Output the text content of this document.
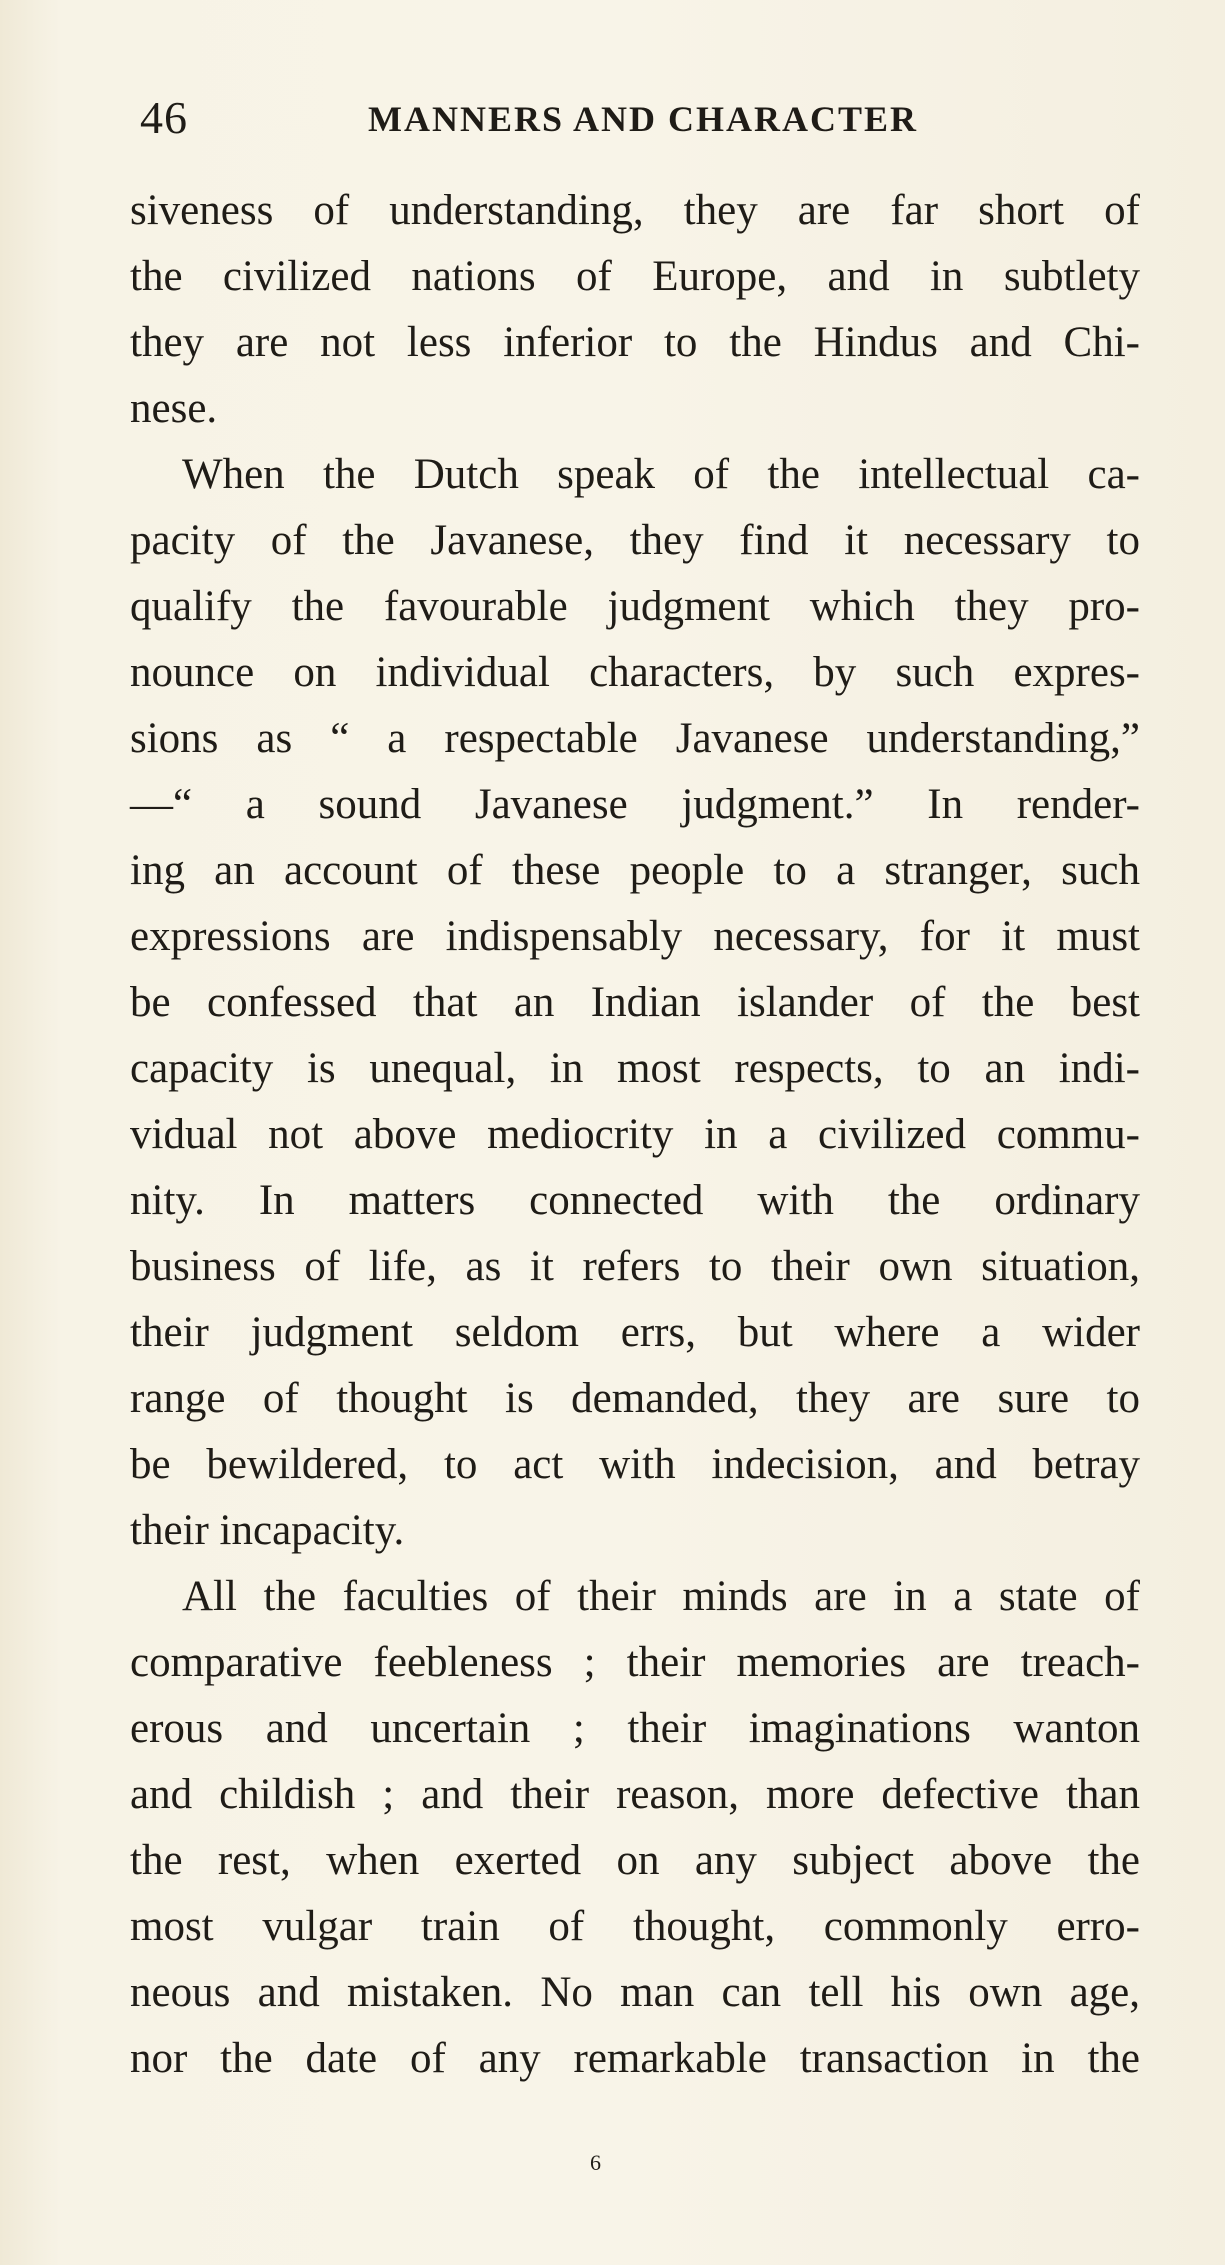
46	MANNERS AND CHARACTER
siveness of understanding, they are far short of
the civilized nations of Europe, and in subtlety
they are not less inferior to the Hindus and Chi-
nese.
When the Dutch speak of the intellectual ca-
pacity of the Javanese, they find it necessary to
qualify the favourable judgment which they pro-
nounce on individual characters, by such expres-
sions as “ a respectable Javanese understanding,”
—“ a sound Javanese judgment.” In render-
ing an account of these people to a stranger, such
expressions are indispensably necessary, for it must
be confessed that an Indian islander of the best
capacity is unequal, in most respects, to an indi-
vidual not above mediocrity in a civilized commu-
nity. In matters connected with the ordinary
business of life, as it refers to their own situation,
their judgment seldom errs, but where a wider
range of thought is demanded, they are sure to
be bewildered, to act with indecision, and betray
their incapacity.
All the faculties of their minds are in a state of
comparative feebleness ; their memories are treach-
erous and uncertain ; their imaginations wanton
and childish ; and their reason, more defective than
the rest, when exerted on any subject above the
most vulgar train of thought, commonly erro-
neous and mistaken. No man can tell his own age,
nor the date of any remarkable transaction in the
6
